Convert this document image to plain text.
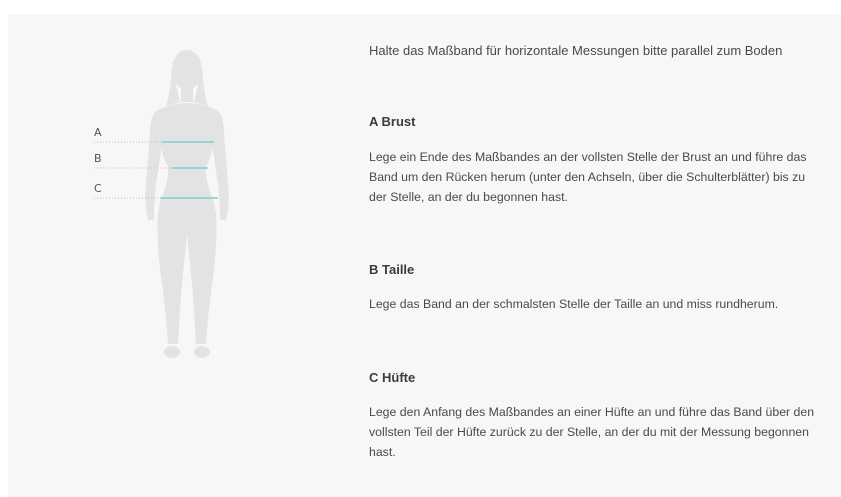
A
B
C
Halte das Maßband für horizontale Messungen bitte parallel zum Boden
A Brust
Lege ein Ende des Maßbandes an der vollsten Stelle der Brust an und führe das Band um den Rücken herum (unter den Achseln, über die Schulterblätter) bis zu der Stelle, an der du begonnen hast.
B Taille
Lege das Band an der schmalsten Stelle der Taille an und miss rundherum.
C Hüfte
Lege den Anfang des Maßbandes an einer Hüfte an und führe das Band über den vollsten Teil der Hüfte zurück zu der Stelle, an der du mit der Messung begonnen hast.
